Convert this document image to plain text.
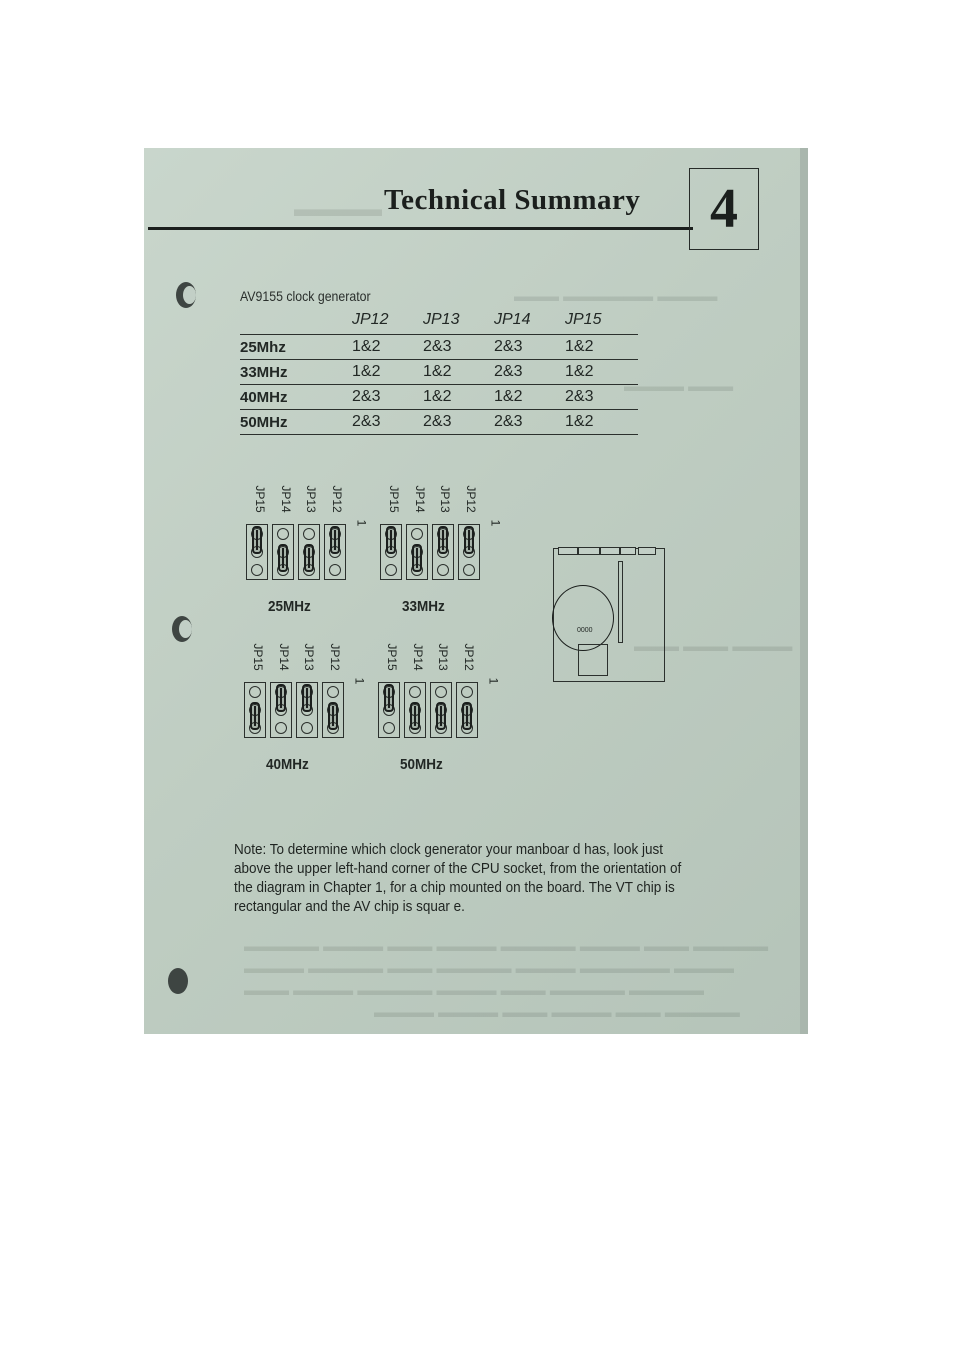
▬▬▬▬
▬▬▬ ▬▬▬▬▬▬ ▬▬▬▬
▬▬▬▬ ▬▬▬
▬▬▬ ▬▬▬ ▬▬▬▬
▬▬▬▬▬ ▬▬▬▬ ▬▬▬ ▬▬▬▬ ▬▬▬▬▬ ▬▬▬▬ ▬▬▬ ▬▬▬▬▬
▬▬▬▬ ▬▬▬▬▬ ▬▬▬ ▬▬▬▬▬ ▬▬▬▬ ▬▬▬▬▬▬ ▬▬▬▬
▬▬▬ ▬▬▬▬ ▬▬▬▬▬ ▬▬▬▬ ▬▬▬ ▬▬▬▬▬ ▬▬▬▬▬
▬▬▬▬ ▬▬▬▬ ▬▬▬ ▬▬▬▬ ▬▬▬ ▬▬▬▬▬
Technical Summary	4
AV9155 clock generator
	JP12	JP13	JP14	JP15
25Mhz	1&2	2&3	2&3	1&2
33MHz	1&2	1&2	2&3	1&2
40MHz	2&3	1&2	1&2	2&3
50MHz	2&3	2&3	2&3	1&2
JP15 JP14 JP13 JP12
1
25MHz
JP15 JP14 JP13 JP12
1
33MHz
JP15 JP14 JP13 JP12
1
40MHz
JP15 JP14 JP13 JP12
1
50MHz
0000
Note: To determine which clock generator your manboar d has, look just above the upper left-hand corner of the CPU socket, from the orientation of the diagram in Chapter 1, for a chip mounted on the board. The VT chip is rectangular and the AV chip is squar e.
